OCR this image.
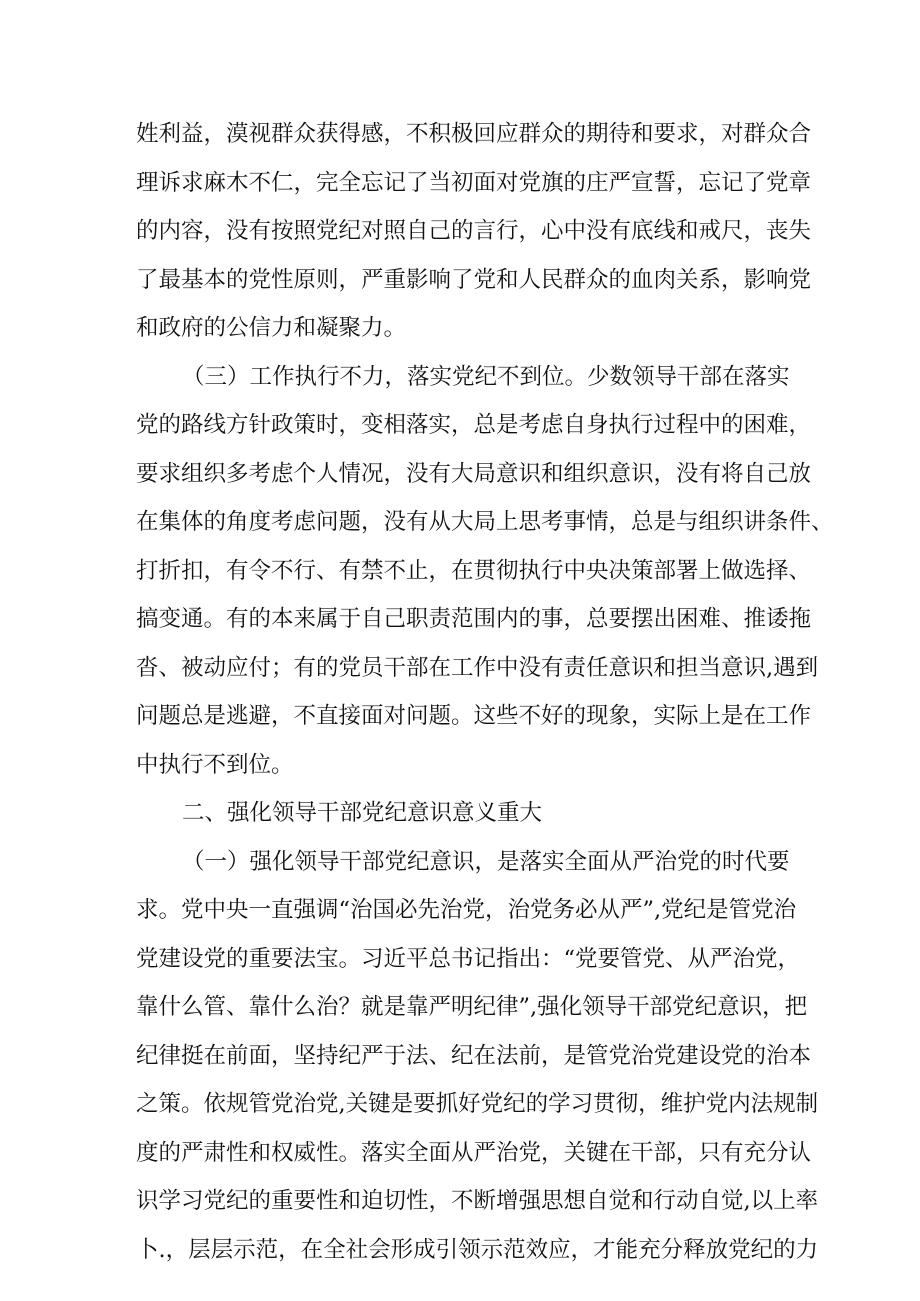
姓利益，漠视群众获得感，不积极回应群众的期待和要求，对群众合
理诉求麻木不仁，完全忘记了当初面对党旗的庄严宣誓，忘记了党章
的内容，没有按照党纪对照自己的言行，心中没有底线和戒尺，丧失
了最基本的党性原则，严重影响了党和人民群众的血肉关系，影响党
和政府的公信力和凝聚力。
（三）工作执行不力，落实党纪不到位。少数领导干部在落实
党的路线方针政策时，变相落实，总是考虑自身执行过程中的困难，
要求组织多考虑个人情况，没有大局意识和组织意识，没有将自己放
在集体的角度考虑问题，没有从大局上思考事情，总是与组织讲条件、
打折扣，有令不行、有禁不止，在贯彻执行中央决策部署上做选择、
搞变通。有的本来属于自己职责范围内的事，总要摆出困难、推诿拖
沓、被动应付；有的党员干部在工作中没有责任意识和担当意识,遇到
问题总是逃避，不直接面对问题。这些不好的现象，实际上是在工作
中执行不到位。
二、强化领导干部党纪意识意义重大
（一）强化领导干部党纪意识，是落实全面从严治党的时代要
求。党中央一直强调“治国必先治党，治党务必从严”,党纪是管党治
党建设党的重要法宝。习近平总书记指出：“党要管党、从严治党，
靠什么管、靠什么治？就是靠严明纪律”,强化领导干部党纪意识，把
纪律挺在前面，坚持纪严于法、纪在法前，是管党治党建设党的治本
之策。依规管党治党,关键是要抓好党纪的学习贯彻，维护党内法规制
度的严肃性和权威性。落实全面从严治党，关键在干部，只有充分认
识学习党纪的重要性和迫切性，不断增强思想自觉和行动自觉,以上率
卜.，层层示范，在全社会形成引领示范效应，才能充分释放党纪的力
